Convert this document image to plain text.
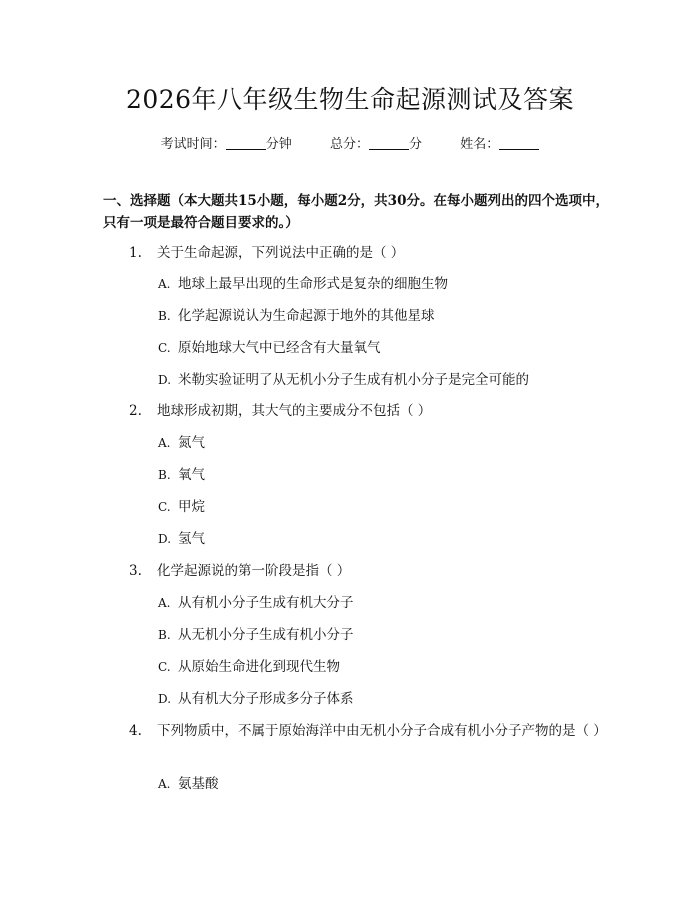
2026年八年级生物生命起源测试及答案
考试时间：	分钟	总分：	分	姓名：
一、选择题（本大题共15小题，每小题2分，共30分。在每小题列出的四个选项中，只有一项是最符合题目要求的。）
1. 关于生命起源，下列说法中正确的是（ ）
A. 地球上最早出现的生命形式是复杂的细胞生物
B. 化学起源说认为生命起源于地外的其他星球
C. 原始地球大气中已经含有大量氧气
D. 米勒实验证明了从无机小分子生成有机小分子是完全可能的
2. 地球形成初期，其大气的主要成分不包括（ ）
A. 氮气
B. 氧气
C. 甲烷
D. 氢气
3. 化学起源说的第一阶段是指（ ）
A. 从有机小分子生成有机大分子
B. 从无机小分子生成有机小分子
C. 从原始生命进化到现代生物
D. 从有机大分子形成多分子体系
4. 下列物质中，不属于原始海洋中由无机小分子合成有机小分子产物的是（ ）
A. 氨基酸
